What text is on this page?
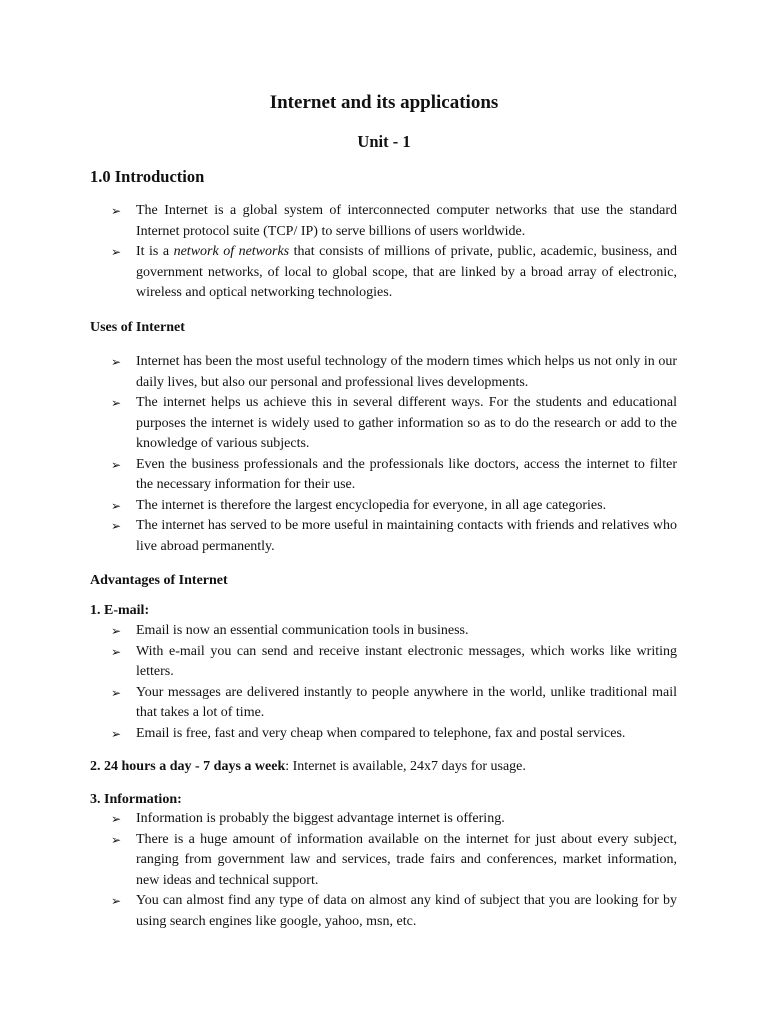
Internet and its applications
Unit - 1
1.0 Introduction
➢ The Internet is a global system of interconnected computer networks that use the standard Internet protocol suite (TCP/ IP) to serve billions of users worldwide.
➢ It is a network of networks that consists of millions of private, public, academic, business, and government networks, of local to global scope, that are linked by a broad array of electronic, wireless and optical networking technologies.
Uses of Internet
➢ Internet has been the most useful technology of the modern times which helps us not only in our daily lives, but also our personal and professional lives developments.
➢ The internet helps us achieve this in several different ways. For the students and educational purposes the internet is widely used to gather information so as to do the research or add to the knowledge of various subjects.
➢ Even the business professionals and the professionals like doctors, access the internet to filter the necessary information for their use.
➢ The internet is therefore the largest encyclopedia for everyone, in all age categories.
➢ The internet has served to be more useful in maintaining contacts with friends and relatives who live abroad permanently.
Advantages of Internet

1. E-mail:

➢ Email is now an essential communication tools in business.
➢ With e-mail you can send and receive instant electronic messages, which works like writing letters.
➢ Your messages are delivered instantly to people anywhere in the world, unlike traditional mail that takes a lot of time.
➢ Email is free, fast and very cheap when compared to telephone, fax and postal services.

2. 24 hours a day - 7 days a week: Internet is available, 24x7 days for usage.

3. Information:

➢ Information is probably the biggest advantage internet is offering.
➢ There is a huge amount of information available on the internet for just about every subject, ranging from government law and services, trade fairs and conferences, market information, new ideas and technical support.
➢ You can almost find any type of data on almost any kind of subject that you are looking for by using search engines like google, yahoo, msn, etc.
